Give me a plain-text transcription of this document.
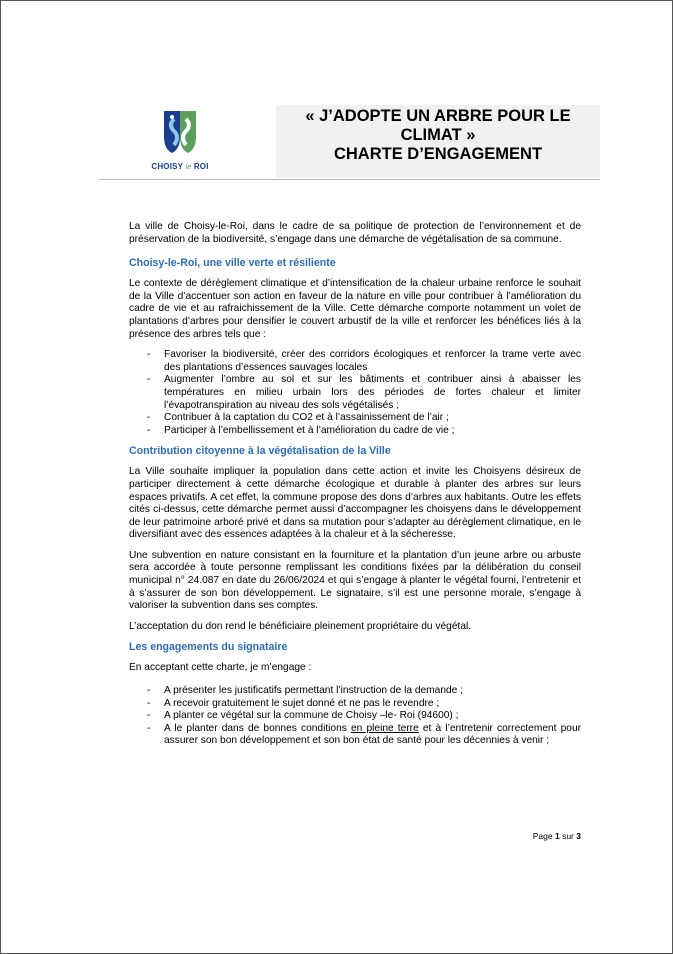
CHOISY le ROI
« J’ADOPTE UN ARBRE POUR LE
CLIMAT »
CHARTE D’ENGAGEMENT

La ville de Choisy-le-Roi, dans le cadre de sa politique de protection de l’environnement et de préservation de la biodiversité, s’engage dans une démarche de végétalisation de sa commune.

Choisy-le-Roi, une ville verte et résiliente

Le contexte de dérèglement climatique et d’intensification de la chaleur urbaine renforce le souhait de la Ville d’accentuer son action en faveur de la nature en ville pour contribuer à l’amélioration du cadre de vie et au rafraichissement de la Ville. Cette démarche comporte notamment un volet de plantations d’arbres pour densifier le couvert arbustif de la ville et renforcer les bénéfices liés à la présence des arbres tels que :

- Favoriser la biodiversité, créer des corridors écologiques et renforcer la trame verte avec des plantations d’essences sauvages locales
- Augmenter l’ombre au sol et sur les bâtiments et contribuer ainsi à abaisser les températures en milieu urbain lors des périodes de fortes chaleur et limiter l’évapotranspiration au niveau des sols végétalisés ;
- Contribuer à la captation du CO2 et à l’assainissement de l’air ;
- Participer à l’embellissement et à l’amélioration du cadre de vie ;
Contribution citoyenne à la végétalisation de la Ville

La Ville souhaite impliquer la population dans cette action et invite les Choisyens désireux de participer directement à cette démarche écologique et durable à planter des arbres sur leurs espaces privatifs. A cet effet, la commune propose des dons d’arbres aux habitants. Outre les effets cités ci-dessus, cette démarche permet aussi d’accompagner les choisyens dans le développement de leur patrimoine arboré privé et dans sa mutation pour s’adapter au dérèglement climatique, en le diversifiant avec des essences adaptées à la chaleur et à la sécheresse.

Une subvention en nature consistant en la fourniture et la plantation d’un jeune arbre ou arbuste sera accordée à toute personne remplissant les conditions fixées par la délibération du conseil municipal n° 24.087 en date du 26/06/2024 et qui s’engage à planter le végétal fourni, l’entretenir et à s’assurer de son bon développement. Le signataire, s’il est une personne morale, s’engage à valoriser la subvention dans ses comptes.

L’acceptation du don rend le bénéficiaire pleinement propriétaire du végétal.

Les engagements du signataire

En acceptant cette charte, je m’engage :

- A présenter les justificatifs permettant l’instruction de la demande ;
- A recevoir gratuitement le sujet donné et ne pas le revendre ;
- A planter ce végétal sur la commune de Choisy –le- Roi (94600) ;
- A le planter dans de bonnes conditions en pleine terre et à l’entretenir correctement pour assurer son bon développement et son bon état de santé pour les décennies à venir ;
Page 1 sur 3
